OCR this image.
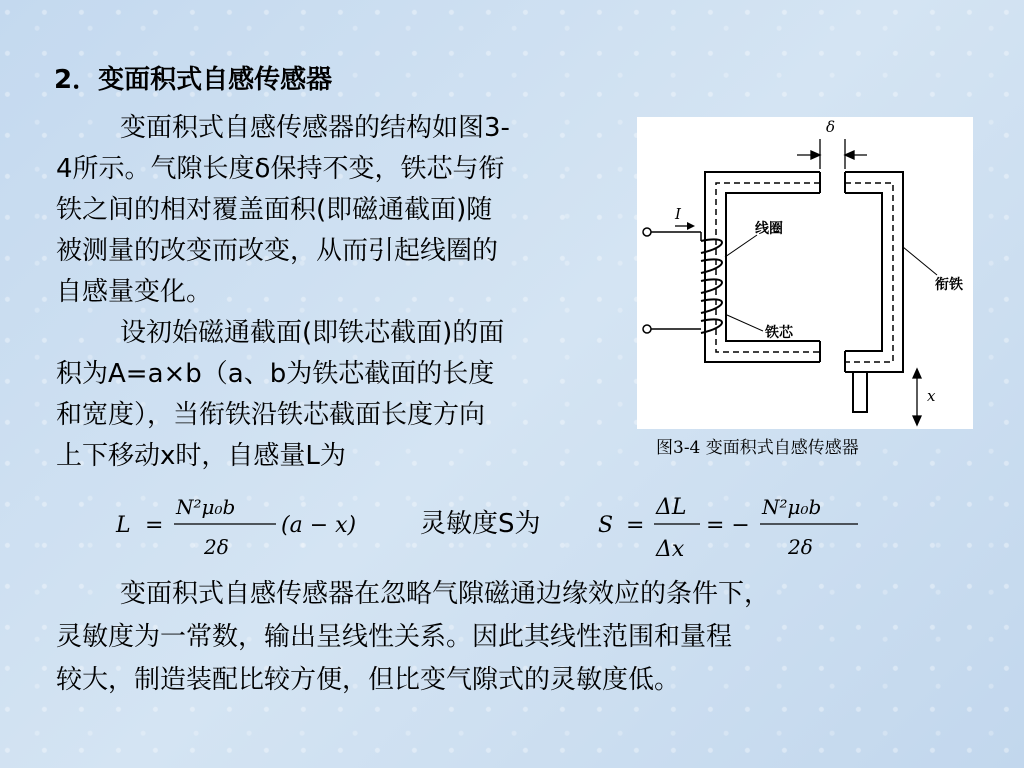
2．变面积式自感传感器
变面积式自感传感器的结构如图3-
4所示。气隙长度δ保持不变，铁芯与衔
铁之间的相对覆盖面积(即磁通截面)随
被测量的改变而改变，从而引起线圈的
自感量变化。
设初始磁通截面(即铁芯截面)的面
积为A=a×b（a、b为铁芯截面的长度
和宽度），当衔铁沿铁芯截面长度方向
上下移动x时，自感量L为
δ
I
线圈
衔铁
铁芯
x
图3-4 变面积式自感传感器
L =
N²μ₀b
2δ
(a − x)	S =
ΔL
Δx
= −
N²μ₀b
2δ
灵敏度S为
变面积式自感传感器在忽略气隙磁通边缘效应的条件下，
灵敏度为一常数，输出呈线性关系。因此其线性范围和量程
较大，制造装配比较方便，但比变气隙式的灵敏度低。
